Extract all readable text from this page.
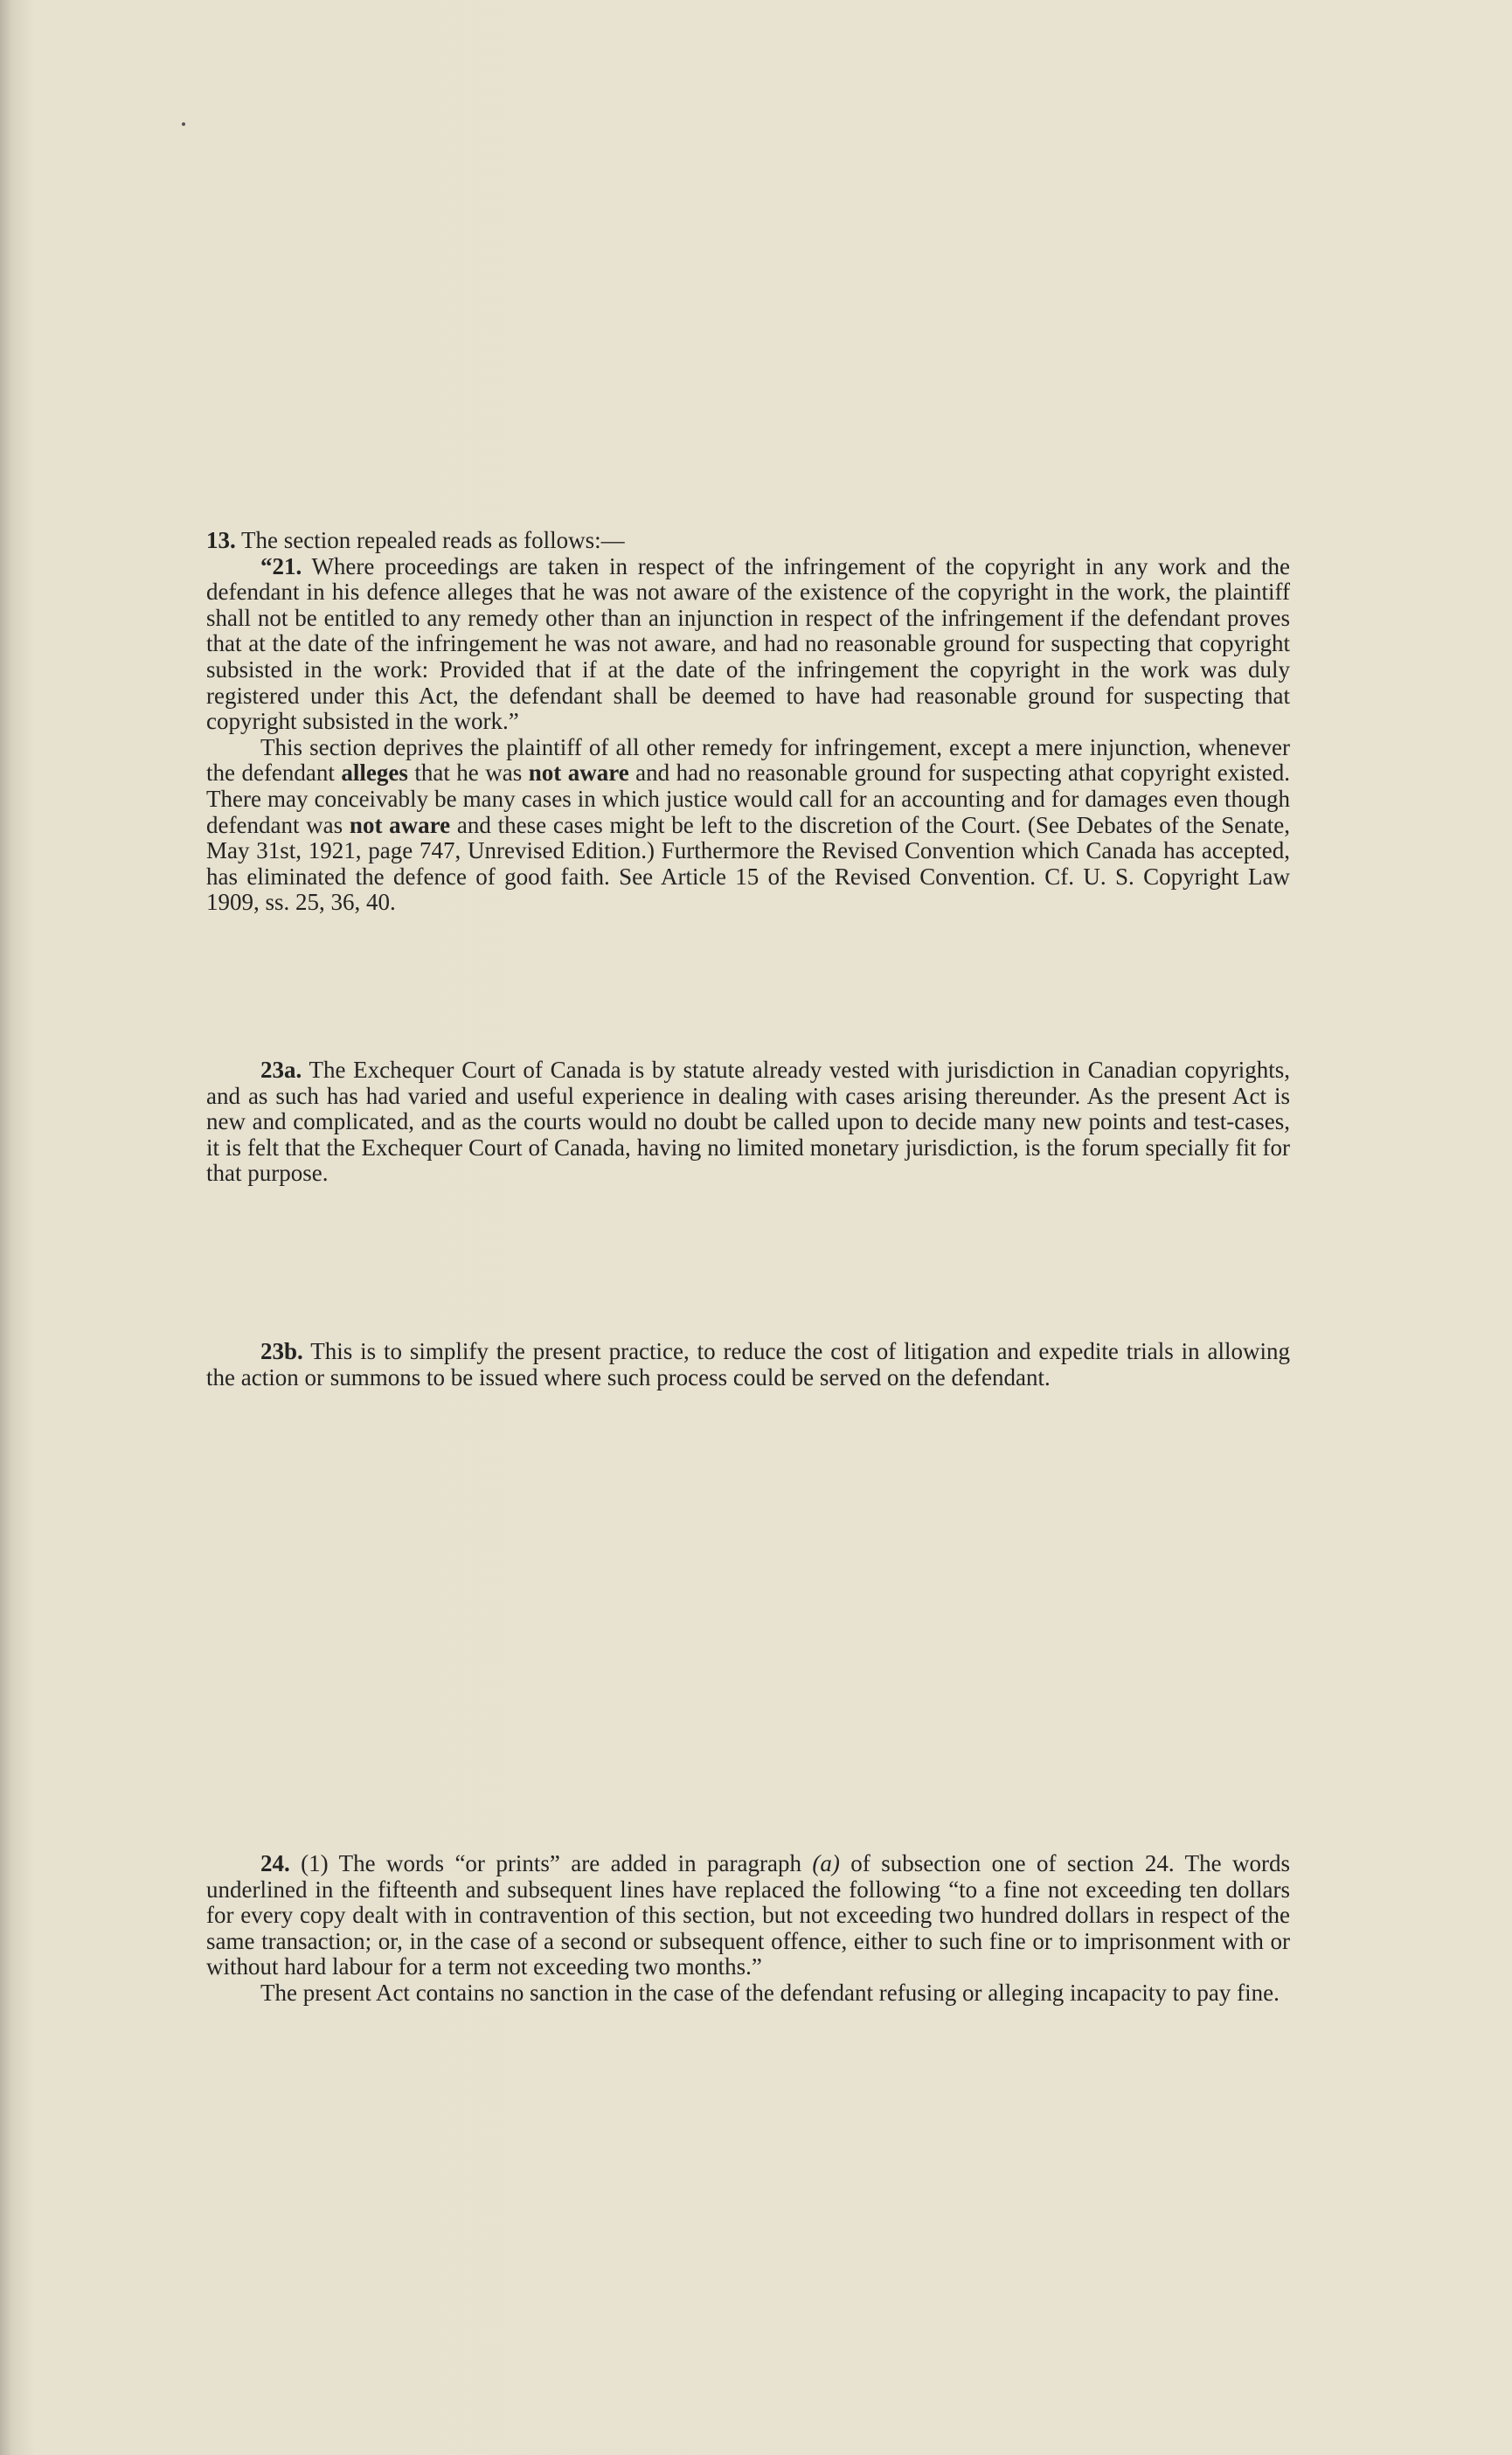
13. The section repealed reads as follows:—

“21. Where proceedings are taken in respect of the infringement of the copyright in any work and the defendant in his defence alleges that he was not aware of the existence of the copyright in the work, the plaintiff shall not be entitled to any remedy other than an injunction in respect of the infringement if the defendant proves that at the date of the infringement he was not aware, and had no reasonable ground for suspecting that copyright subsisted in the work: Provided that if at the date of the infringement the copyright in the work was duly registered under this Act, the defendant shall be deemed to have had reasonable ground for suspecting that copyright subsisted in the work.”

This section deprives the plaintiff of all other remedy for infringement, except a mere injunction, whenever the defendant alleges that he was not aware and had no reasonable ground for suspecting athat copyright existed. There may conceivably be many cases in which justice would call for an accounting and for damages even though defendant was not aware and these cases might be left to the discretion of the Court. (See Debates of the Senate, May 31st, 1921, page 747, Unrevised Edition.) Furthermore the Revised Convention which Canada has accepted, has eliminated the defence of good faith. See Article 15 of the Revised Convention. Cf. U. S. Copyright Law 1909, ss. 25, 36, 40.

23a. The Exchequer Court of Canada is by statute already vested with jurisdiction in Canadian copyrights, and as such has had varied and useful experience in dealing with cases arising thereunder. As the present Act is new and complicated, and as the courts would no doubt be called upon to decide many new points and test-cases, it is felt that the Exchequer Court of Canada, having no limited monetary jurisdiction, is the forum specially fit for that purpose.

23b. This is to simplify the present practice, to reduce the cost of litigation and expedite trials in allowing the action or summons to be issued where such process could be served on the defendant.

24. (1) The words “or prints” are added in paragraph (a) of subsection one of section 24. The words underlined in the fifteenth and subsequent lines have replaced the following “to a fine not exceeding ten dollars for every copy dealt with in contravention of this section, but not exceeding two hundred dollars in respect of the same transaction; or, in the case of a second or subsequent offence, either to such fine or to imprisonment with or without hard labour for a term not exceeding two months.”

The present Act contains no sanction in the case of the defendant refusing or alleging incapacity to pay fine.
